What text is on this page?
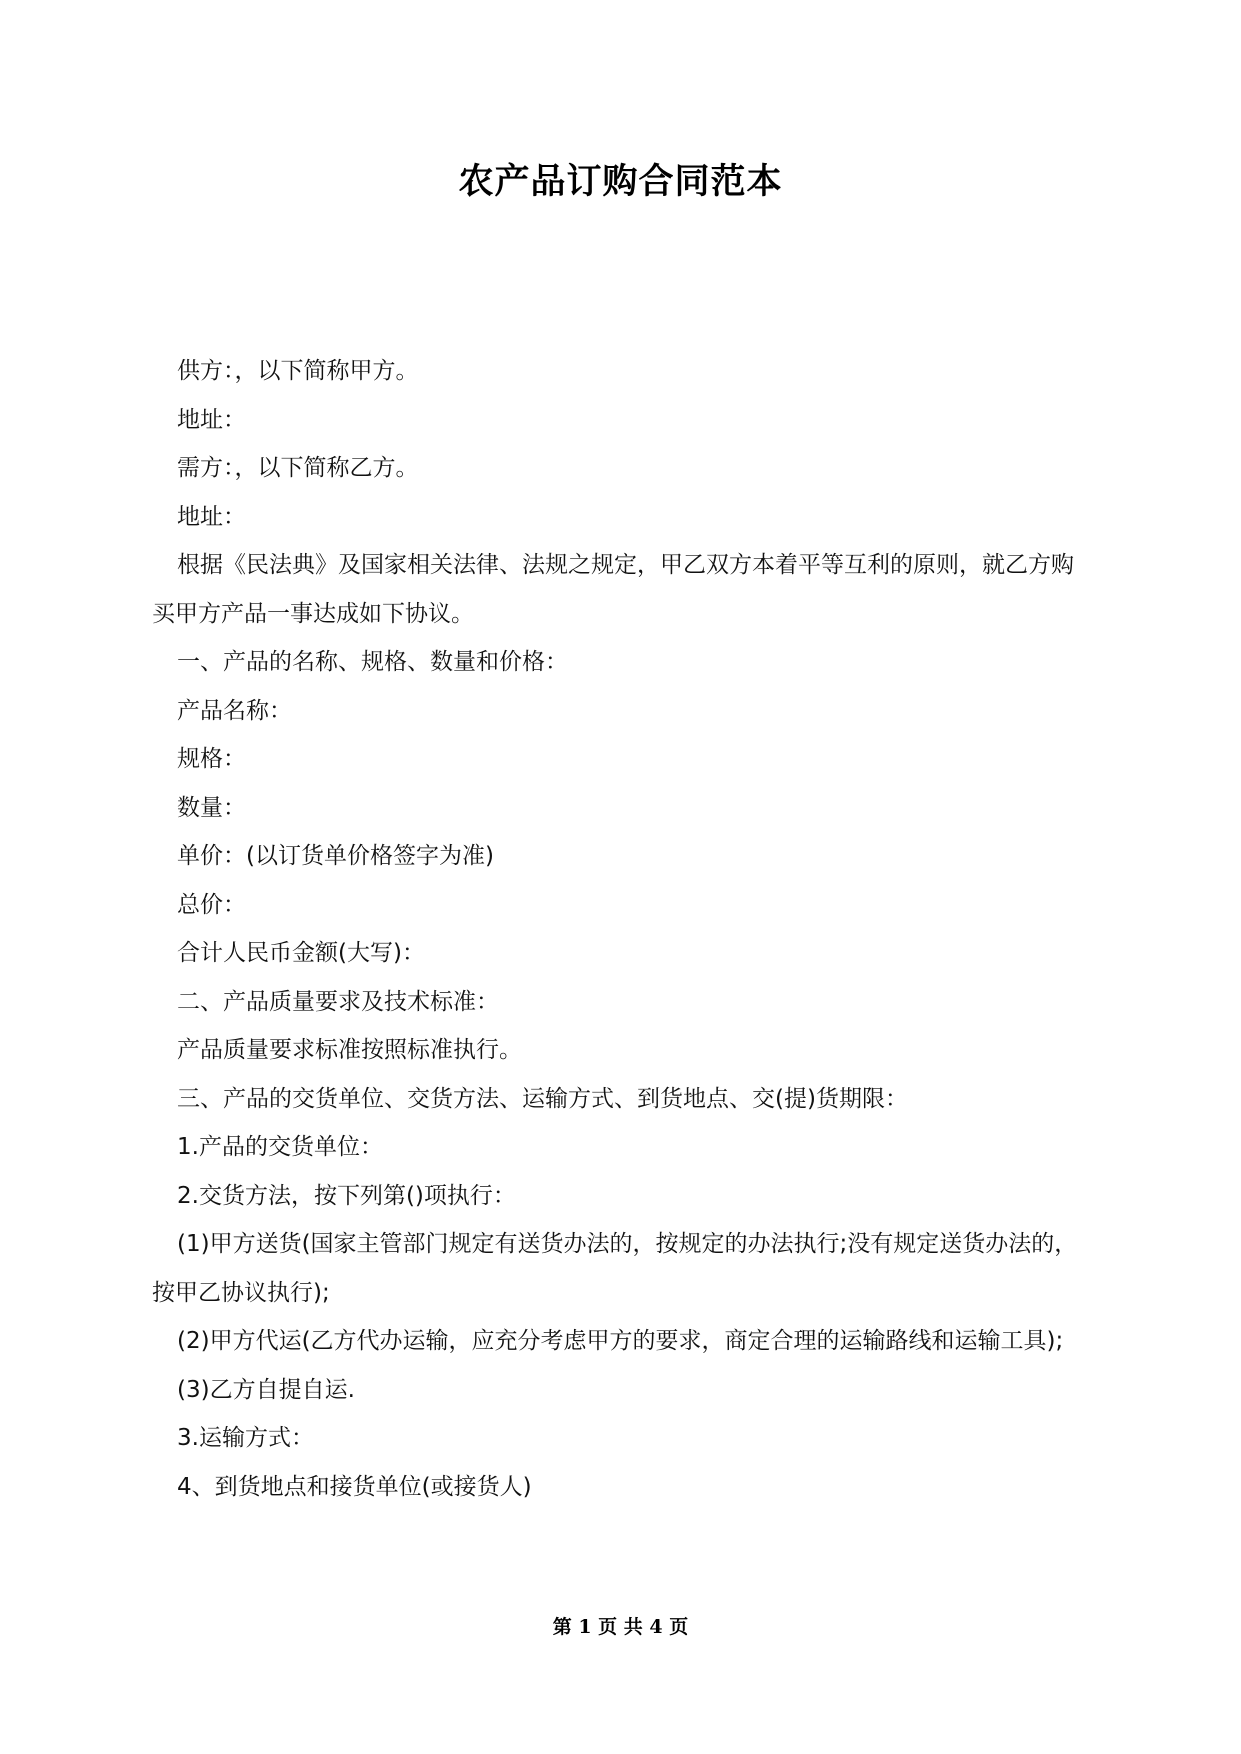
农产品订购合同范本

供方：，以下简称甲方。

地址：

需方：，以下简称乙方。

地址：

根据《民法典》及国家相关法律、法规之规定，甲乙双方本着平等互利的原则，就乙方购买甲方产品一事达成如下协议。

一、产品的名称、规格、数量和价格：

产品名称：

规格：

数量：

单价：(以订货单价格签字为准)

总价：

合计人民币金额(大写)：

二、产品质量要求及技术标准：

产品质量要求标准按照标准执行。

三、产品的交货单位、交货方法、运输方式、到货地点、交(提)货期限：

1.产品的交货单位：

2.交货方法，按下列第()项执行：

(1)甲方送货(国家主管部门规定有送货办法的，按规定的办法执行;没有规定送货办法的，按甲乙协议执行);

(2)甲方代运(乙方代办运输，应充分考虑甲方的要求，商定合理的运输路线和运输工具);

(3)乙方自提自运.

3.运输方式：

4、到货地点和接货单位(或接货人)

第 1 页 共 4 页
